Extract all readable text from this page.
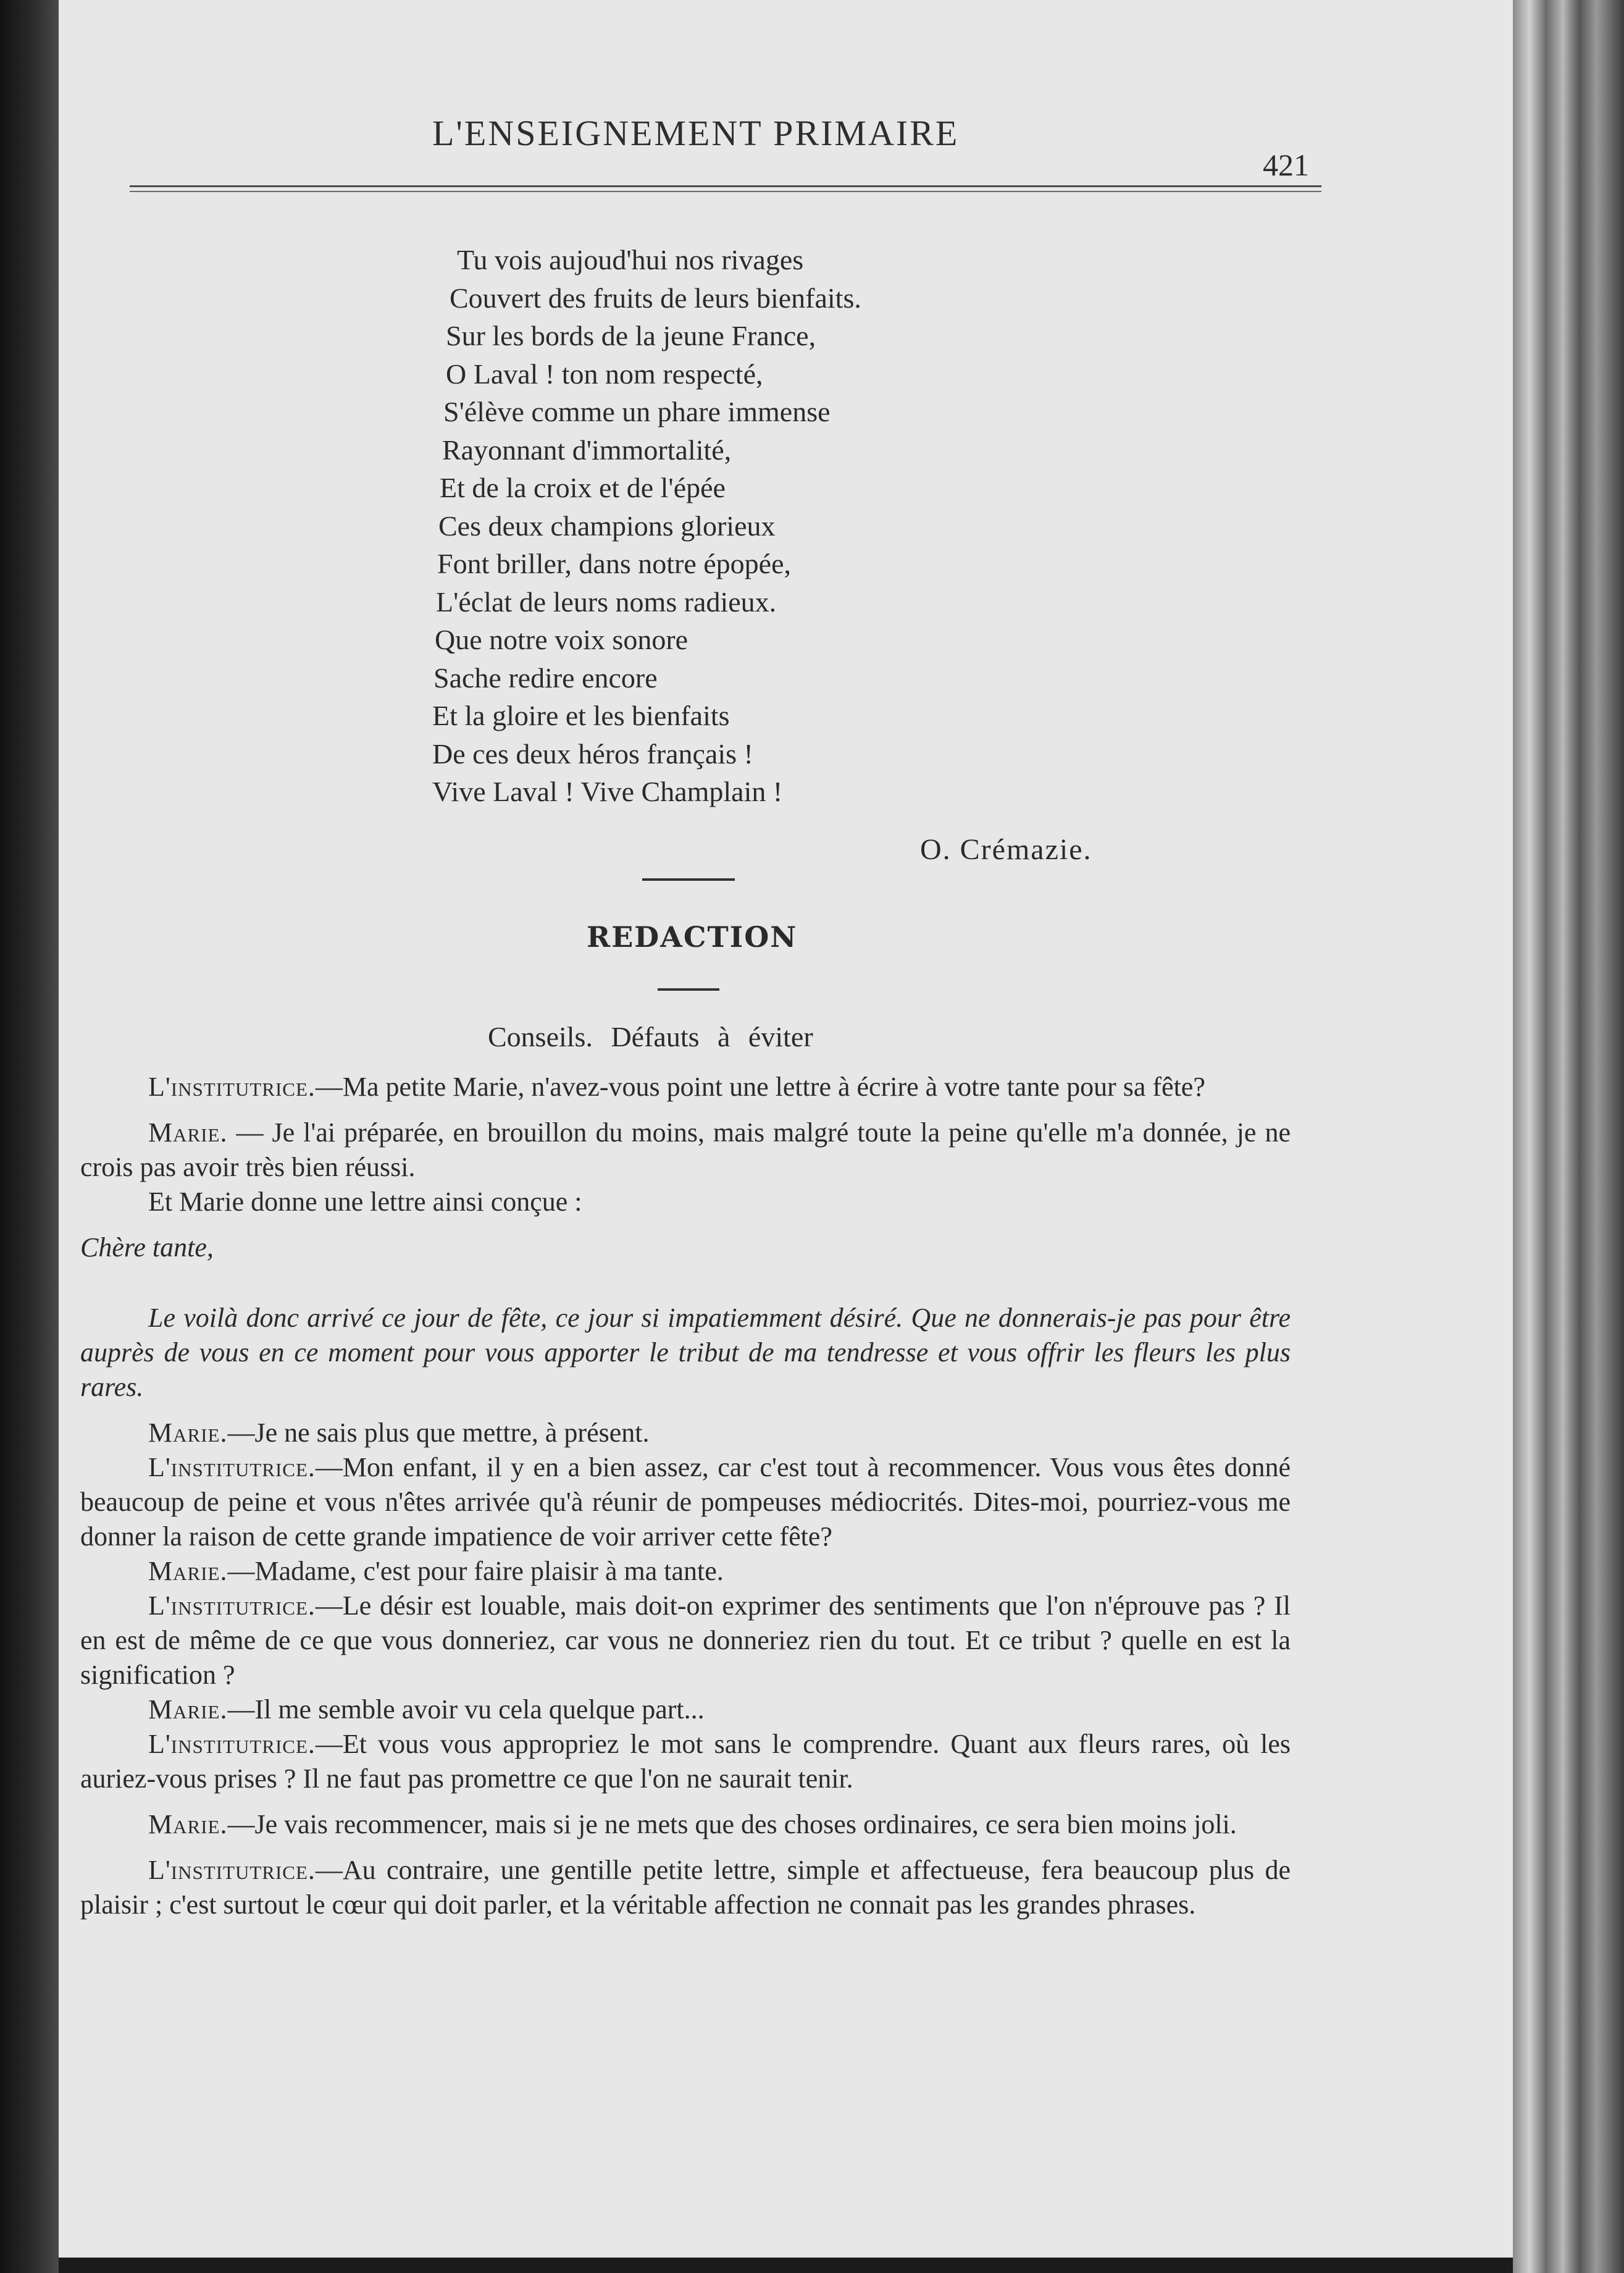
L'ENSEIGNEMENT PRIMAIRE
421
Tu vois aujoud'hui nos rivages
Couvert des fruits de leurs bienfaits.
Sur les bords de la jeune France,
O Laval ! ton nom respecté,
S'élève comme un phare immense
Rayonnant d'immortalité,
Et de la croix et de l'épée
Ces deux champions glorieux
Font briller, dans notre épopée,
L'éclat de leurs noms radieux.
Que notre voix sonore
Sache redire encore
Et la gloire et les bienfaits
De ces deux héros français !
Vive Laval ! Vive Champlain !
O. Crémazie.
REDACTION
Conseils. Défauts à éviter

L'institutrice.—Ma petite Marie, n'avez-vous point une lettre à écrire à votre tante pour sa fête?

Marie. — Je l'ai préparée, en brouillon du moins, mais malgré toute la peine qu'elle m'a donnée, je ne crois pas avoir très bien réussi.

Et Marie donne une lettre ainsi conçue :

Chère tante,

Le voilà donc arrivé ce jour de fête, ce jour si impatiemment désiré. Que ne donnerais-je pas pour être auprès de vous en ce moment pour vous apporter le tribut de ma tendresse et vous offrir les fleurs les plus rares.

Marie.—Je ne sais plus que mettre, à présent.

L'institutrice.—Mon enfant, il y en a bien assez, car c'est tout à recommencer. Vous vous êtes donné beaucoup de peine et vous n'êtes arrivée qu'à réunir de pompeuses médiocrités. Dites-moi, pourriez-vous me donner la raison de cette grande impatience de voir arriver cette fête?

Marie.—Madame, c'est pour faire plaisir à ma tante.

L'institutrice.—Le désir est louable, mais doit-on exprimer des sentiments que l'on n'éprouve pas ? Il en est de même de ce que vous donneriez, car vous ne donneriez rien du tout. Et ce tribut ? quelle en est la signification ?

Marie.—Il me semble avoir vu cela quelque part...

L'institutrice.—Et vous vous appropriez le mot sans le comprendre. Quant aux fleurs rares, où les auriez-vous prises ? Il ne faut pas promettre ce que l'on ne saurait tenir.

Marie.—Je vais recommencer, mais si je ne mets que des choses ordinaires, ce sera bien moins joli.

L'institutrice.—Au contraire, une gentille petite lettre, simple et affectueuse, fera beaucoup plus de plaisir ; c'est surtout le cœur qui doit parler, et la véritable affection ne connait pas les grandes phrases.
